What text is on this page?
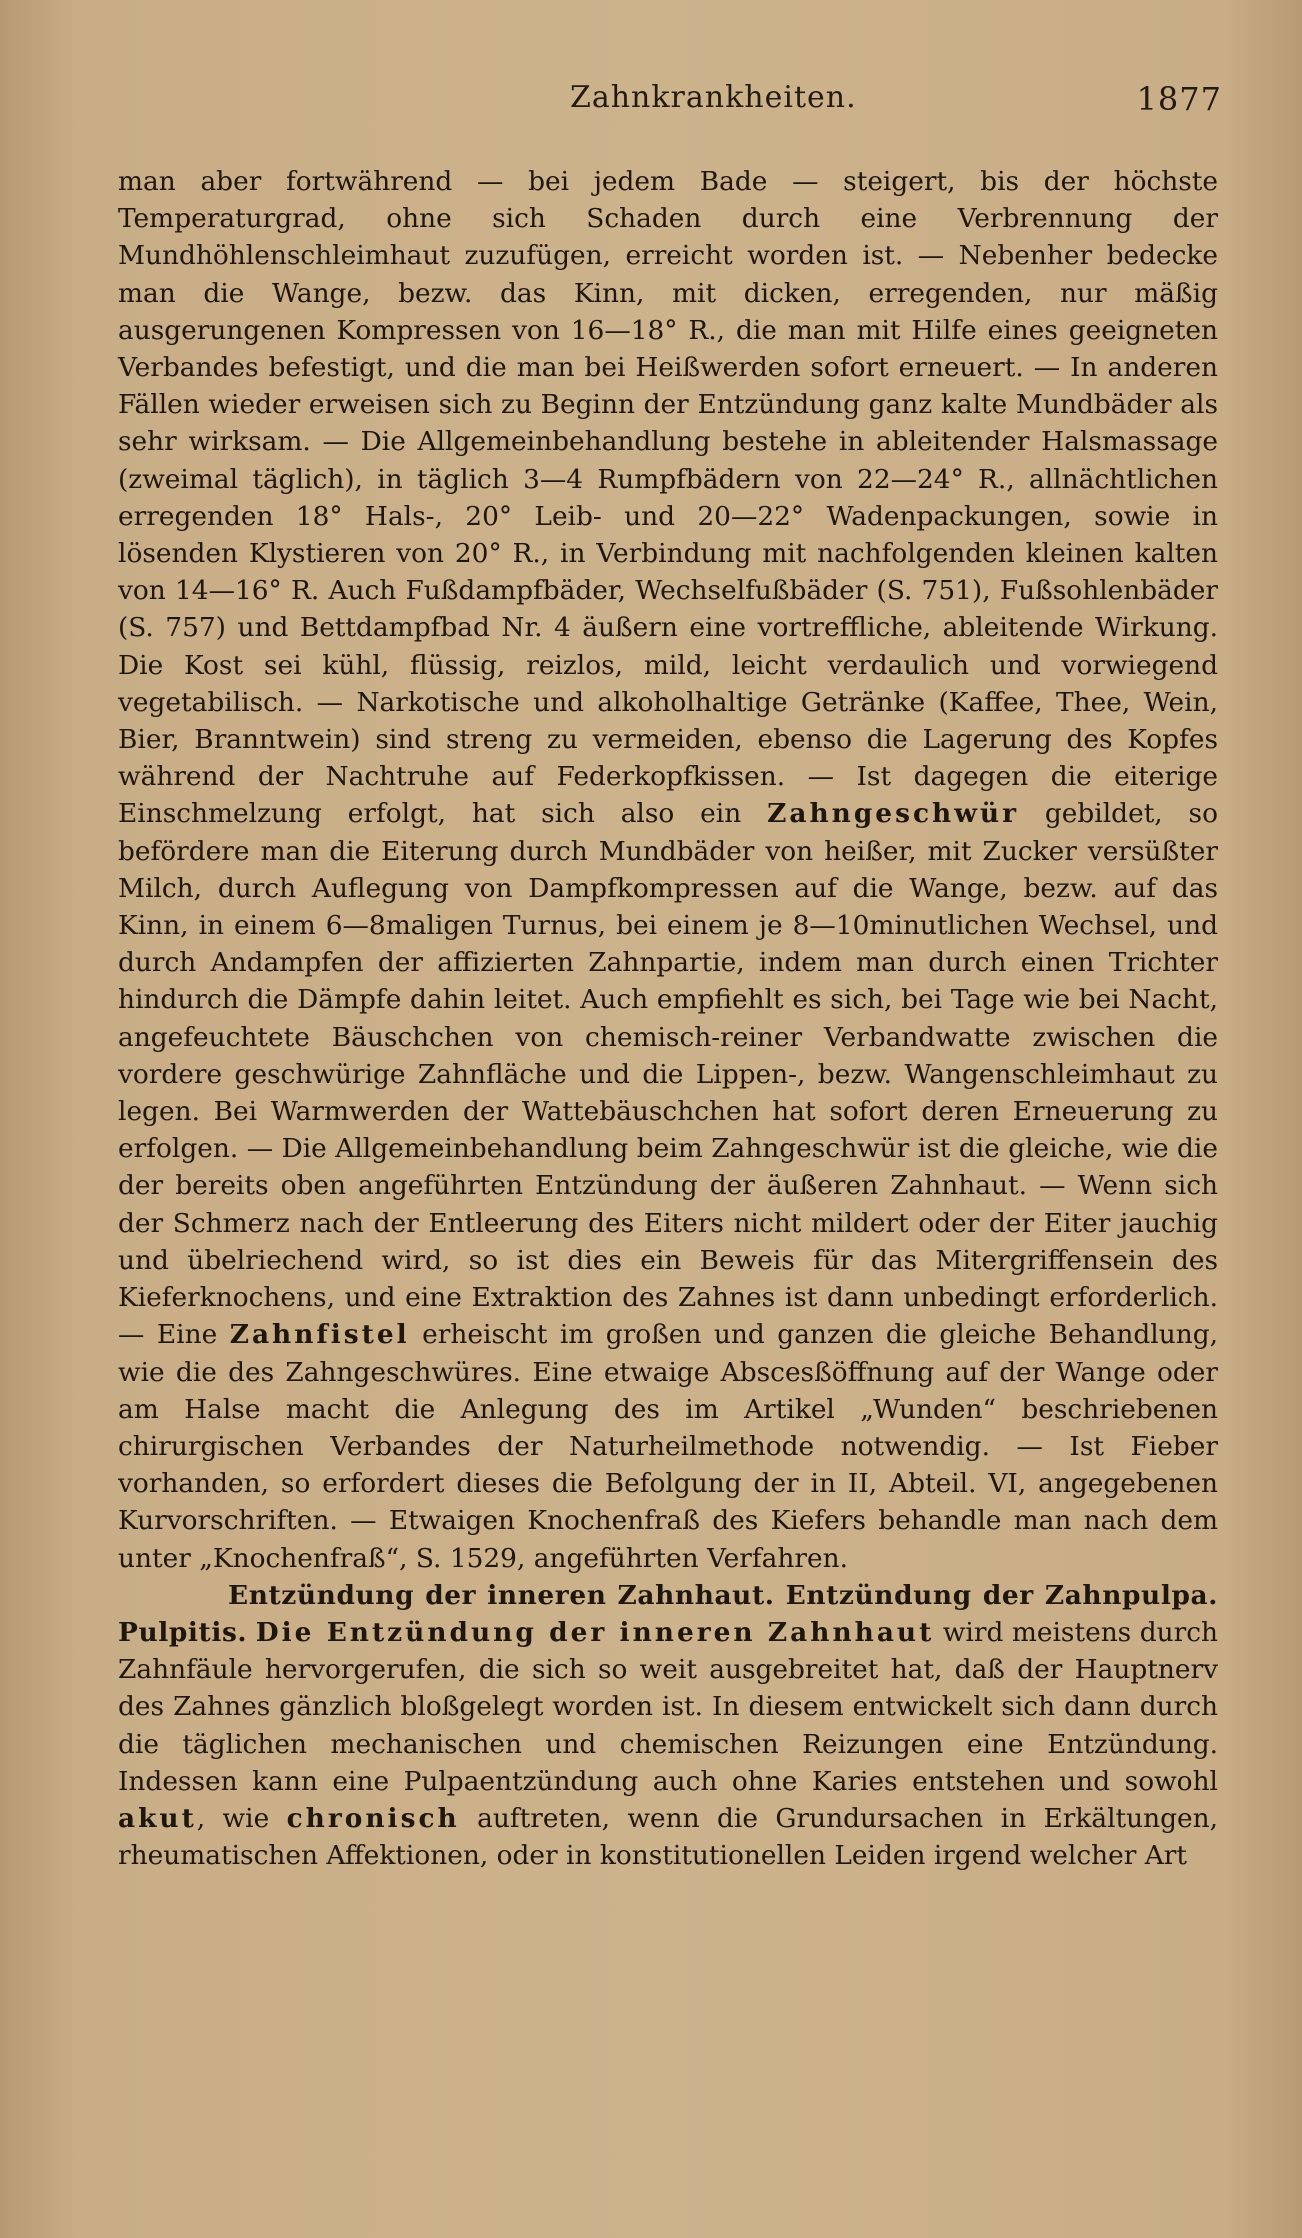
Zahnkrankheiten.	1877

man aber fortwährend — bei jedem Bade — steigert, bis der höchste Temperaturgrad, ohne sich Schaden durch eine Verbrennung der Mundhöhlenschleimhaut zuzufügen, erreicht worden ist. — Nebenher bedecke man die Wange, bezw. das Kinn, mit dicken, erregenden, nur mäßig ausgerungenen Kompressen von 16—18° R., die man mit Hilfe eines geeigneten Verbandes befestigt, und die man bei Heißwerden sofort erneuert. — In anderen Fällen wieder erweisen sich zu Beginn der Entzündung ganz kalte Mundbäder als sehr wirksam. — Die Allgemeinbehandlung bestehe in ableitender Halsmassage (zweimal täglich), in täglich 3—4 Rumpfbädern von 22—24° R., allnächtlichen erregenden 18° Hals-, 20° Leib- und 20—22° Wadenpackungen, sowie in lösenden Klystieren von 20° R., in Verbindung mit nachfolgenden kleinen kalten von 14—16° R. Auch Fußdampfbäder, Wechselfußbäder (S. 751), Fußsohlenbäder (S. 757) und Bettdampfbad Nr. 4 äußern eine vortreffliche, ableitende Wirkung. Die Kost sei kühl, flüssig, reizlos, mild, leicht verdaulich und vorwiegend vegetabilisch. — Narkotische und alkoholhaltige Getränke (Kaffee, Thee, Wein, Bier, Branntwein) sind streng zu vermeiden, ebenso die Lagerung des Kopfes während der Nachtruhe auf Federkopfkissen. — Ist dagegen die eiterige Einschmelzung erfolgt, hat sich also ein Zahngeschwür gebildet, so befördere man die Eiterung durch Mundbäder von heißer, mit Zucker versüßter Milch, durch Auflegung von Dampfkompressen auf die Wange, bezw. auf das Kinn, in einem 6—8maligen Turnus, bei einem je 8—10minutlichen Wechsel, und durch Andampfen der affizierten Zahnpartie, indem man durch einen Trichter hindurch die Dämpfe dahin leitet. Auch empfiehlt es sich, bei Tage wie bei Nacht, angefeuchtete Bäuschchen von chemisch-reiner Verbandwatte zwischen die vordere geschwürige Zahnfläche und die Lippen-, bezw. Wangenschleimhaut zu legen. Bei Warmwerden der Wattebäuschchen hat sofort deren Erneuerung zu erfolgen. — Die Allgemeinbehandlung beim Zahngeschwür ist die gleiche, wie die der bereits oben angeführten Entzündung der äußeren Zahnhaut. — Wenn sich der Schmerz nach der Entleerung des Eiters nicht mildert oder der Eiter jauchig und übelriechend wird, so ist dies ein Beweis für das Mitergriffensein des Kieferknochens, und eine Extraktion des Zahnes ist dann unbedingt erforderlich. — Eine Zahnfistel erheischt im großen und ganzen die gleiche Behandlung, wie die des Zahngeschwüres. Eine etwaige Abscesßöffnung auf der Wange oder am Halse macht die Anlegung des im Artikel „Wunden“ beschriebenen chirurgischen Verbandes der Naturheilmethode notwendig. — Ist Fieber vorhanden, so erfordert dieses die Befolgung der in II, Abteil. VI, angegebenen Kurvorschriften. — Etwaigen Knochenfraß des Kiefers behandle man nach dem unter „Knochenfraß“, S. 1529, angeführten Verfahren.

Entzündung der inneren Zahnhaut. Entzündung der Zahnpulpa. Pulpitis. Die Entzündung der inneren Zahnhaut wird meistens durch Zahnfäule hervorgerufen, die sich so weit ausgebreitet hat, daß der Hauptnerv des Zahnes gänzlich bloßgelegt worden ist. In diesem entwickelt sich dann durch die täglichen mechanischen und chemischen Reizungen eine Entzündung. Indessen kann eine Pulpaentzündung auch ohne Karies entstehen und sowohl akut, wie chronisch auftreten, wenn die Grundursachen in Erkältungen, rheumatischen Affektionen, oder in konstitutionellen Leiden irgend welcher Art
